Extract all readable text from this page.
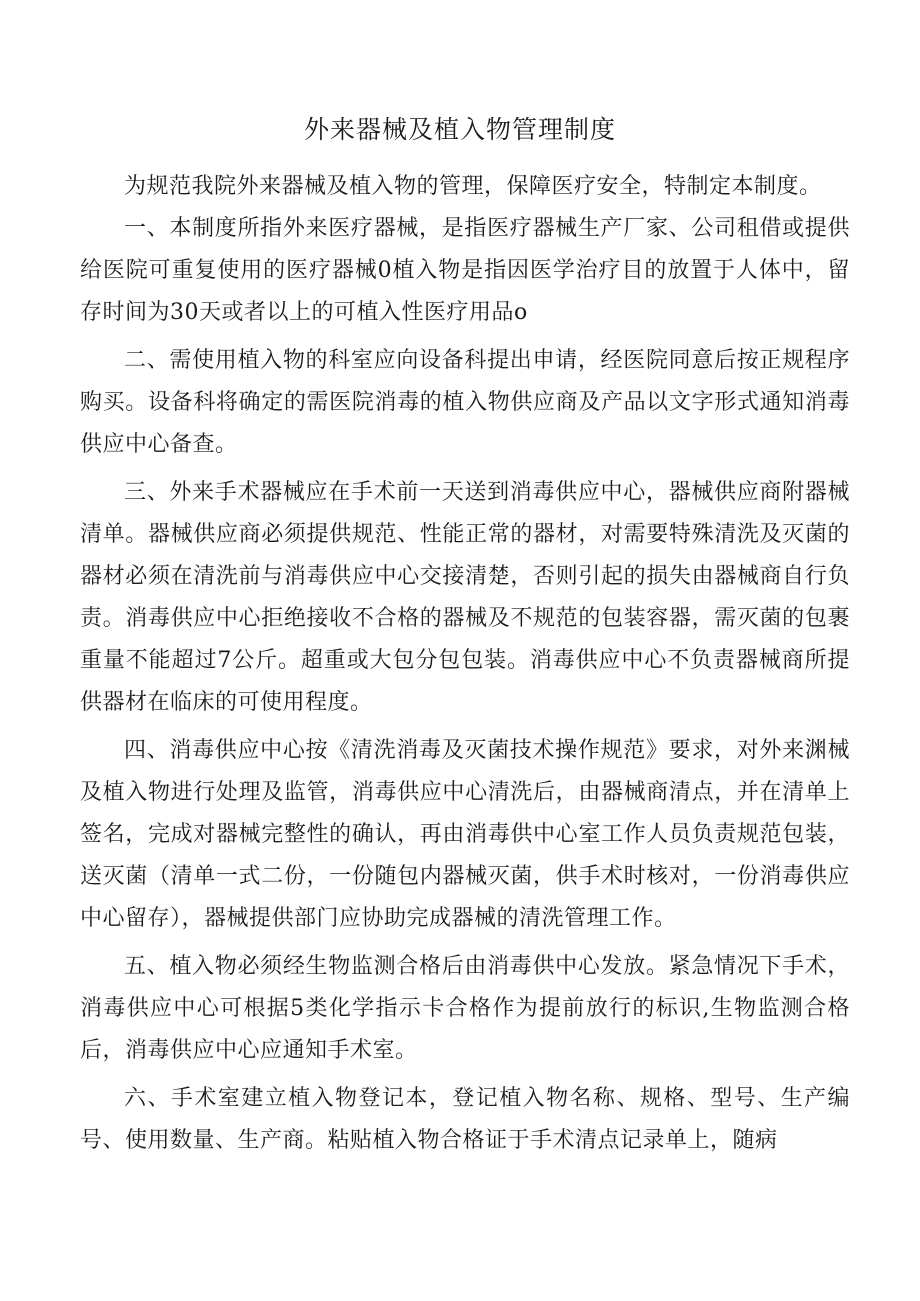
外来器械及植入物管理制度

为规范我院外来器械及植入物的管理，保障医疗安全，特制定本制度。

一、本制度所指外来医疗器械，是指医疗器械生产厂家、公司租借或提供给医院可重复使用的医疗器械0植入物是指因医学治疗目的放置于人体中，留存时间为30天或者以上的可植入性医疗用品o

二、需使用植入物的科室应向设备科提出申请，经医院同意后按正规程序购买。设备科将确定的需医院消毒的植入物供应商及产品以文字形式通知消毒供应中心备查。

三、外来手术器械应在手术前一天送到消毒供应中心，器械供应商附器械清单。器械供应商必须提供规范、性能正常的器材，对需要特殊清洗及灭菌的器材必须在清洗前与消毒供应中心交接清楚，否则引起的损失由器械商自行负责。消毒供应中心拒绝接收不合格的器械及不规范的包装容器，需灭菌的包裹重量不能超过7公斤。超重或大包分包包装。消毒供应中心不负责器械商所提供器材在临床的可使用程度。

四、消毒供应中心按《清洗消毒及灭菌技术操作规范》要求，对外来渊械及植入物进行处理及监管，消毒供应中心清洗后，由器械商清点，并在清单上签名，完成对器械完整性的确认，再由消毒供中心室工作人员负责规范包装，送灭菌（清单一式二份，一份随包内器械灭菌，供手术时核对，一份消毒供应中心留存），器械提供部门应协助完成器械的清洗管理工作。

五、植入物必须经生物监测合格后由消毒供中心发放。紧急情况下手术，消毒供应中心可根据5类化学指示卡合格作为提前放行的标识,生物监测合格后，消毒供应中心应通知手术室。

六、手术室建立植入物登记本，登记植入物名称、规格、型号、生产编号、使用数量、生产商。粘贴植入物合格证于手术清点记录单上，随病
